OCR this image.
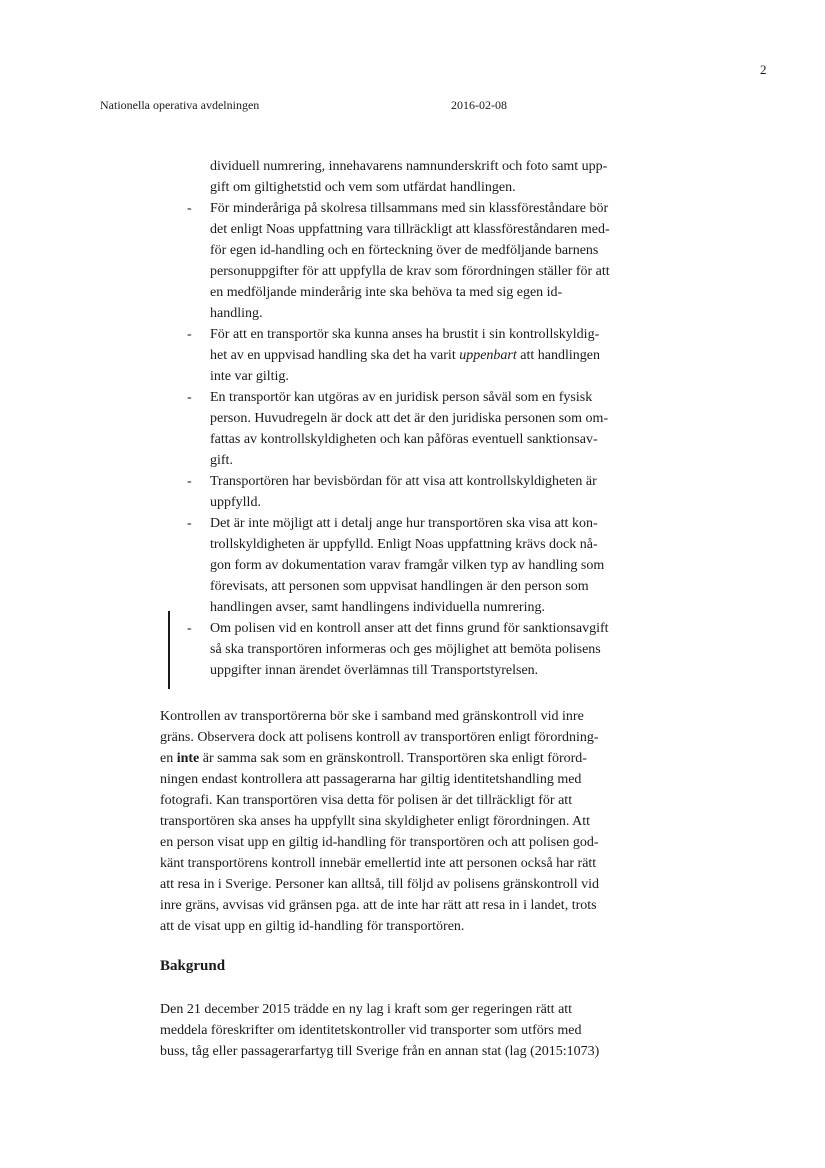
2
Nationella operativa avdelningen	2016-02-08
dividuell numrering, innehavarens namnunderskrift och foto samt upp-
gift om giltighetstid och vem som utfärdat handlingen.
- För minderåriga på skolresa tillsammans med sin klassföreståndare bör
det enligt Noas uppfattning vara tillräckligt att klassföreståndaren med-
för egen id-handling och en förteckning över de medföljande barnens
personuppgifter för att uppfylla de krav som förordningen ställer för att
en medföljande minderårig inte ska behöva ta med sig egen id-
handling.
- För att en transportör ska kunna anses ha brustit i sin kontrollskyldig-
het av en uppvisad handling ska det ha varit uppenbart att handlingen
inte var giltig.
- En transportör kan utgöras av en juridisk person såväl som en fysisk
person. Huvudregeln är dock att det är den juridiska personen som om-
fattas av kontrollskyldigheten och kan påföras eventuell sanktionsav-
gift.
- Transportören har bevisbördan för att visa att kontrollskyldigheten är
uppfylld.
- Det är inte möjligt att i detalj ange hur transportören ska visa att kon-
trollskyldigheten är uppfylld. Enligt Noas uppfattning krävs dock nå-
gon form av dokumentation varav framgår vilken typ av handling som
förevisats, att personen som uppvisat handlingen är den person som
handlingen avser, samt handlingens individuella numrering.
- Om polisen vid en kontroll anser att det finns grund för sanktionsavgift
så ska transportören informeras och ges möjlighet att bemöta polisens
uppgifter innan ärendet överlämnas till Transportstyrelsen.
Kontrollen av transportörerna bör ske i samband med gränskontroll vid inre
gräns. Observera dock att polisens kontroll av transportören enligt förordning-
en inte är samma sak som en gränskontroll. Transportören ska enligt förord-
ningen endast kontrollera att passagerarna har giltig identitetshandling med
fotografi. Kan transportören visa detta för polisen är det tillräckligt för att
transportören ska anses ha uppfyllt sina skyldigheter enligt förordningen. Att
en person visat upp en giltig id-handling för transportören och att polisen god-
känt transportörens kontroll innebär emellertid inte att personen också har rätt
att resa in i Sverige. Personer kan alltså, till följd av polisens gränskontroll vid
inre gräns, avvisas vid gränsen pga. att de inte har rätt att resa in i landet, trots
att de visat upp en giltig id-handling för transportören.
Bakgrund
Den 21 december 2015 trädde en ny lag i kraft som ger regeringen rätt att
meddela föreskrifter om identitetskontroller vid transporter som utförs med
buss, tåg eller passagerarfartyg till Sverige från en annan stat (lag (2015:1073)
